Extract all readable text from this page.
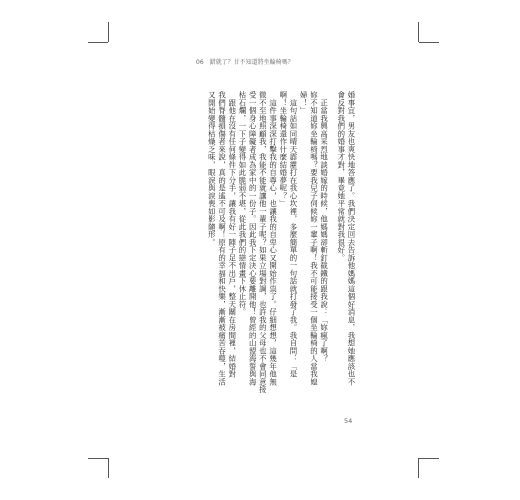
06　錯就了？甘不知道將坐輪椅嗎？
婚事宜，男友也爽快地答應了。我們決定回去告訴他媽媽這個好消息，我想她應該也不
會反對我們的婚事才對，畢竟她平常就對我很好。
　正當我興高采烈地談婚嫁的時候，他媽媽卻斬釘截鐵的跟我說：「妳瘋了啊？
妳不知道妳坐輪椅嗎？要我兒子伺候妳一輩子啊！我不可能接受一個坐輪椅的人當我媳
婦！」
　這句話如同晴天霹靂打在我心坎裡，多麼簡單的一句話就打發了我。我自問：「是
啊！坐輪椅還作什麼結婚夢呢？」
　這件事深深打擊我的自尊心，也讓我的自卑心又開始作祟了。仔細想想，這幾年他無
微不至地照顧我，我能不能就讓他一輩子呢？如果立場對調，也許我的父母也不會同意接
受一個身心障礙者成為家中的一份子。因此我下定決心要離開他！曾經的山盟海誓與海
枯石爛，一下子變得如此脆弱不堪，從此我們的戀情畫下休止符。
　跟他在沒有任何條件下分手，讓我有好一陣子足不出戶，整天關在房間裡，結婚對
我們脊髓損傷者來說，真的是遙不可及啊！原有的幸福和快樂，漸漸被痛苦吞噬，生活
又開始變得枯燥乏味，眼淚與淚喪如影隨形。
54
